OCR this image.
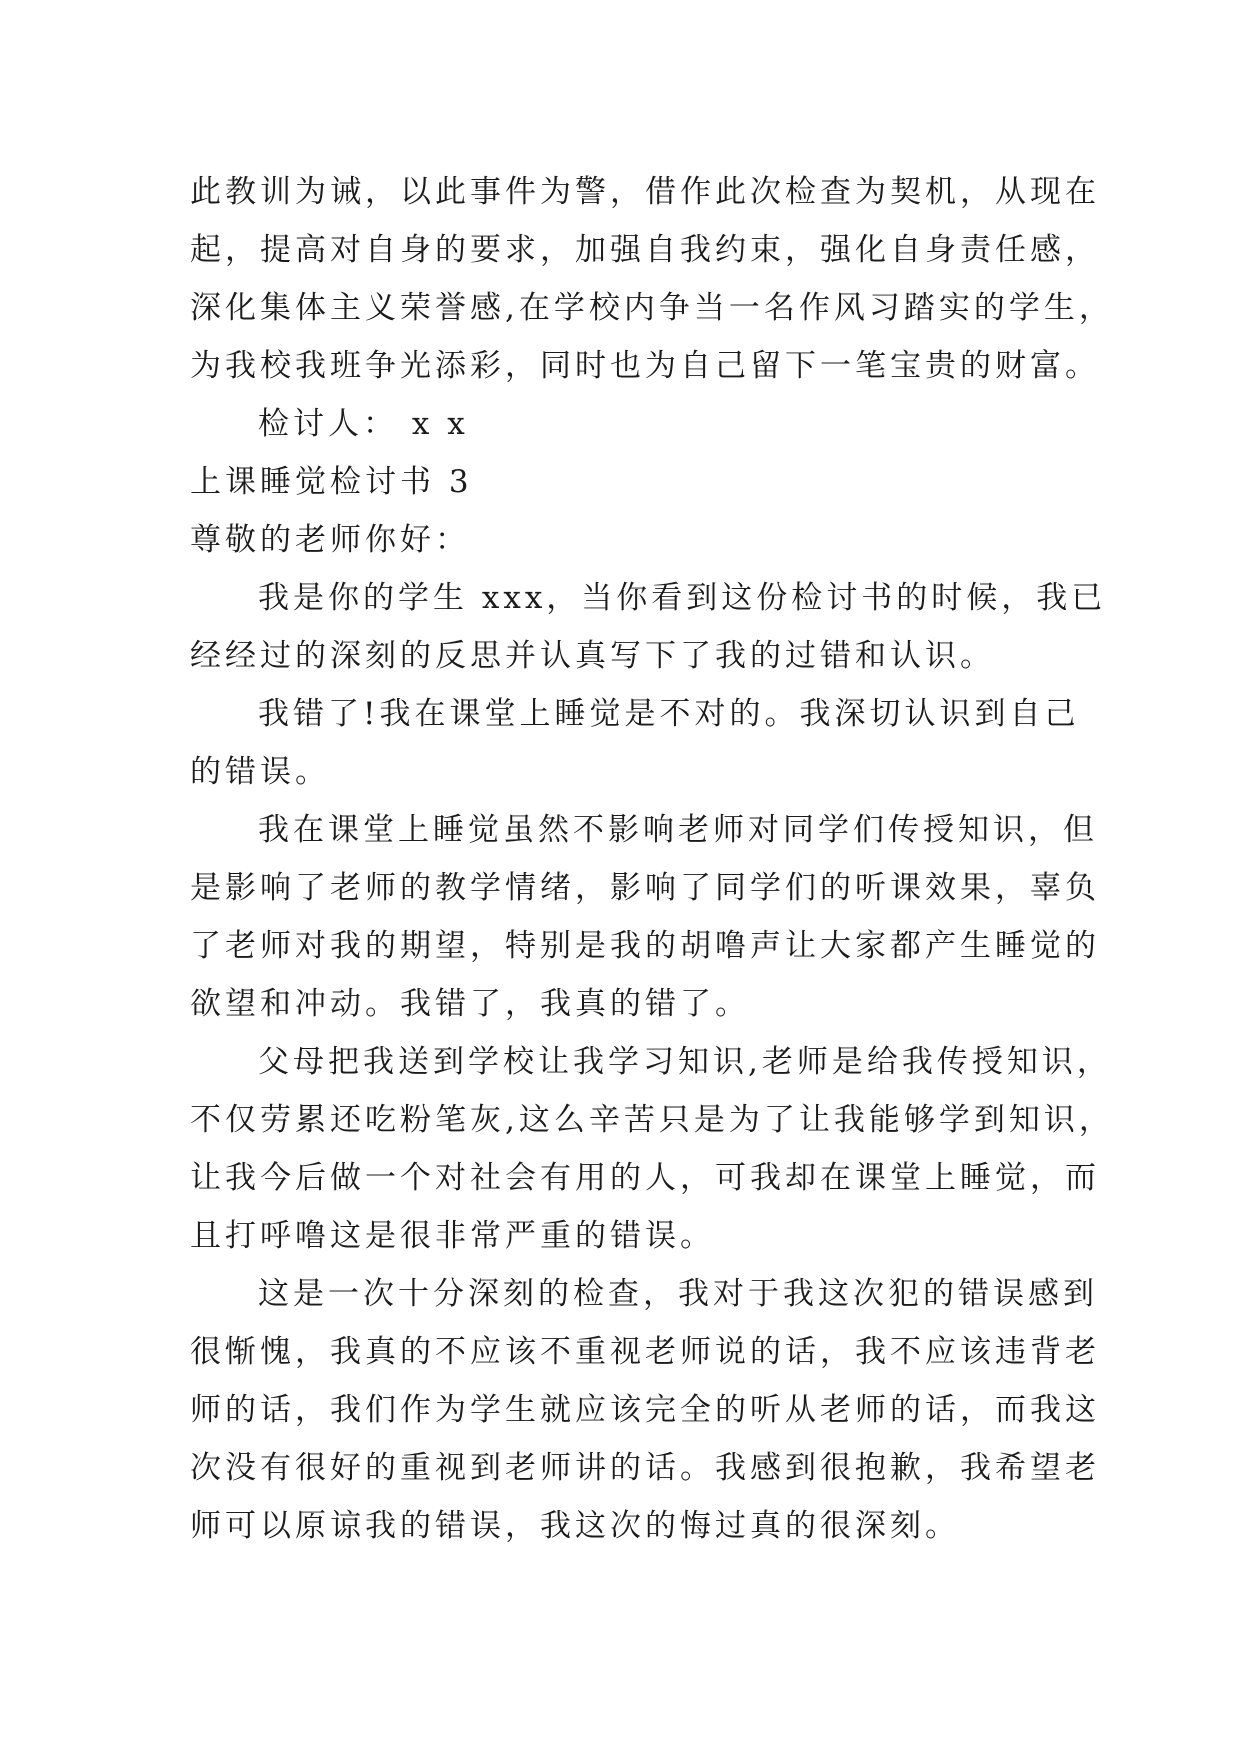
此教训为诫，以此事件为警，借作此次检查为契机，从现在
起，提高对自身的要求，加强自我约束，强化自身责任感，
深化集体主义荣誉感,在学校内争当一名作风习踏实的学生，
为我校我班争光添彩，同时也为自己留下一笔宝贵的财富。
检讨人： x x
上课睡觉检讨书 3
尊敬的老师你好：
我是你的学生 xxx，当你看到这份检讨书的时候，我已
经经过的深刻的反思并认真写下了我的过错和认识。
我错了!我在课堂上睡觉是不对的。我深切认识到自己
的错误。
我在课堂上睡觉虽然不影响老师对同学们传授知识，但
是影响了老师的教学情绪，影响了同学们的听课效果，辜负
了老师对我的期望，特别是我的胡噜声让大家都产生睡觉的
欲望和冲动。我错了，我真的错了。
父母把我送到学校让我学习知识,老师是给我传授知识，
不仅劳累还吃粉笔灰,这么辛苦只是为了让我能够学到知识，
让我今后做一个对社会有用的人，可我却在课堂上睡觉，而
且打呼噜这是很非常严重的错误。
这是一次十分深刻的检查，我对于我这次犯的错误感到
很惭愧，我真的不应该不重视老师说的话，我不应该违背老
师的话，我们作为学生就应该完全的听从老师的话，而我这
次没有很好的重视到老师讲的话。我感到很抱歉，我希望老
师可以原谅我的错误，我这次的悔过真的很深刻。
